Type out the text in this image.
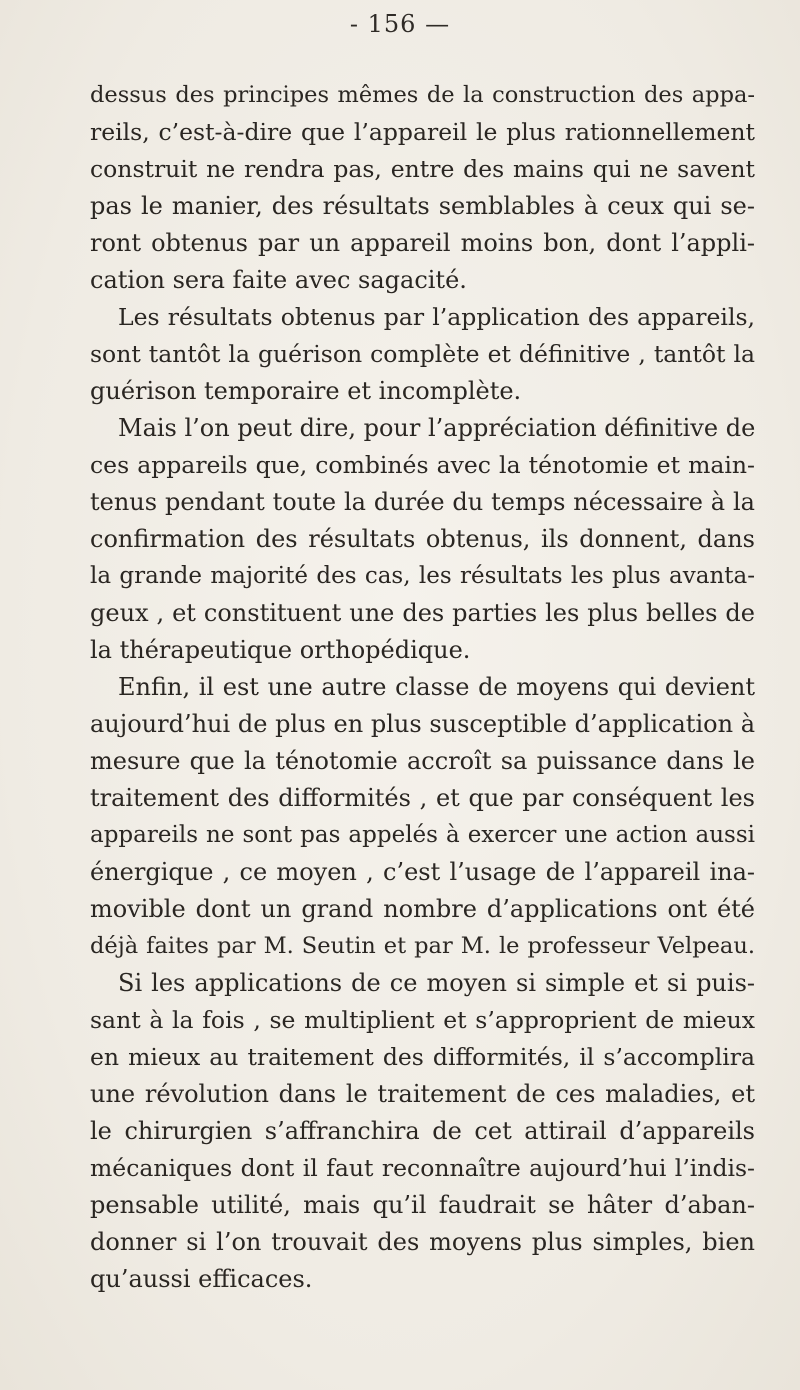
- 156 —
dessus des principes mêmes de la construction des appa-
reils, c’est-à-dire que l’appareil le plus rationnellement
construit ne rendra pas, entre des mains qui ne savent
pas le manier, des résultats semblables à ceux qui se-
ront obtenus par un appareil moins bon, dont l’appli-
cation sera faite avec sagacité.
Les résultats obtenus par l’application des appareils,
sont tantôt la guérison complète et définitive , tantôt la
guérison temporaire et incomplète.
Mais l’on peut dire, pour l’appréciation définitive de
ces appareils que, combinés avec la ténotomie et main-
tenus pendant toute la durée du temps nécessaire à la
confirmation des résultats obtenus, ils donnent, dans
la grande majorité des cas, les résultats les plus avanta-
geux , et constituent une des parties les plus belles de
la thérapeutique orthopédique.
Enfin, il est une autre classe de moyens qui devient
aujourd’hui de plus en plus susceptible d’application à
mesure que la ténotomie accroît sa puissance dans le
traitement des difformités , et que par conséquent les
appareils ne sont pas appelés à exercer une action aussi
énergique , ce moyen , c’est l’usage de l’appareil ina-
movible dont un grand nombre d’applications ont été
déjà faites par M. Seutin et par M. le professeur Velpeau.
Si les applications de ce moyen si simple et si puis-
sant à la fois , se multiplient et s’approprient de mieux
en mieux au traitement des difformités, il s’accomplira
une révolution dans le traitement de ces maladies, et
le chirurgien s’affranchira de cet attirail d’appareils
mécaniques dont il faut reconnaître aujourd’hui l’indis-
pensable utilité, mais qu’il faudrait se hâter d’aban-
donner si l’on trouvait des moyens plus simples, bien
qu’aussi efficaces.
